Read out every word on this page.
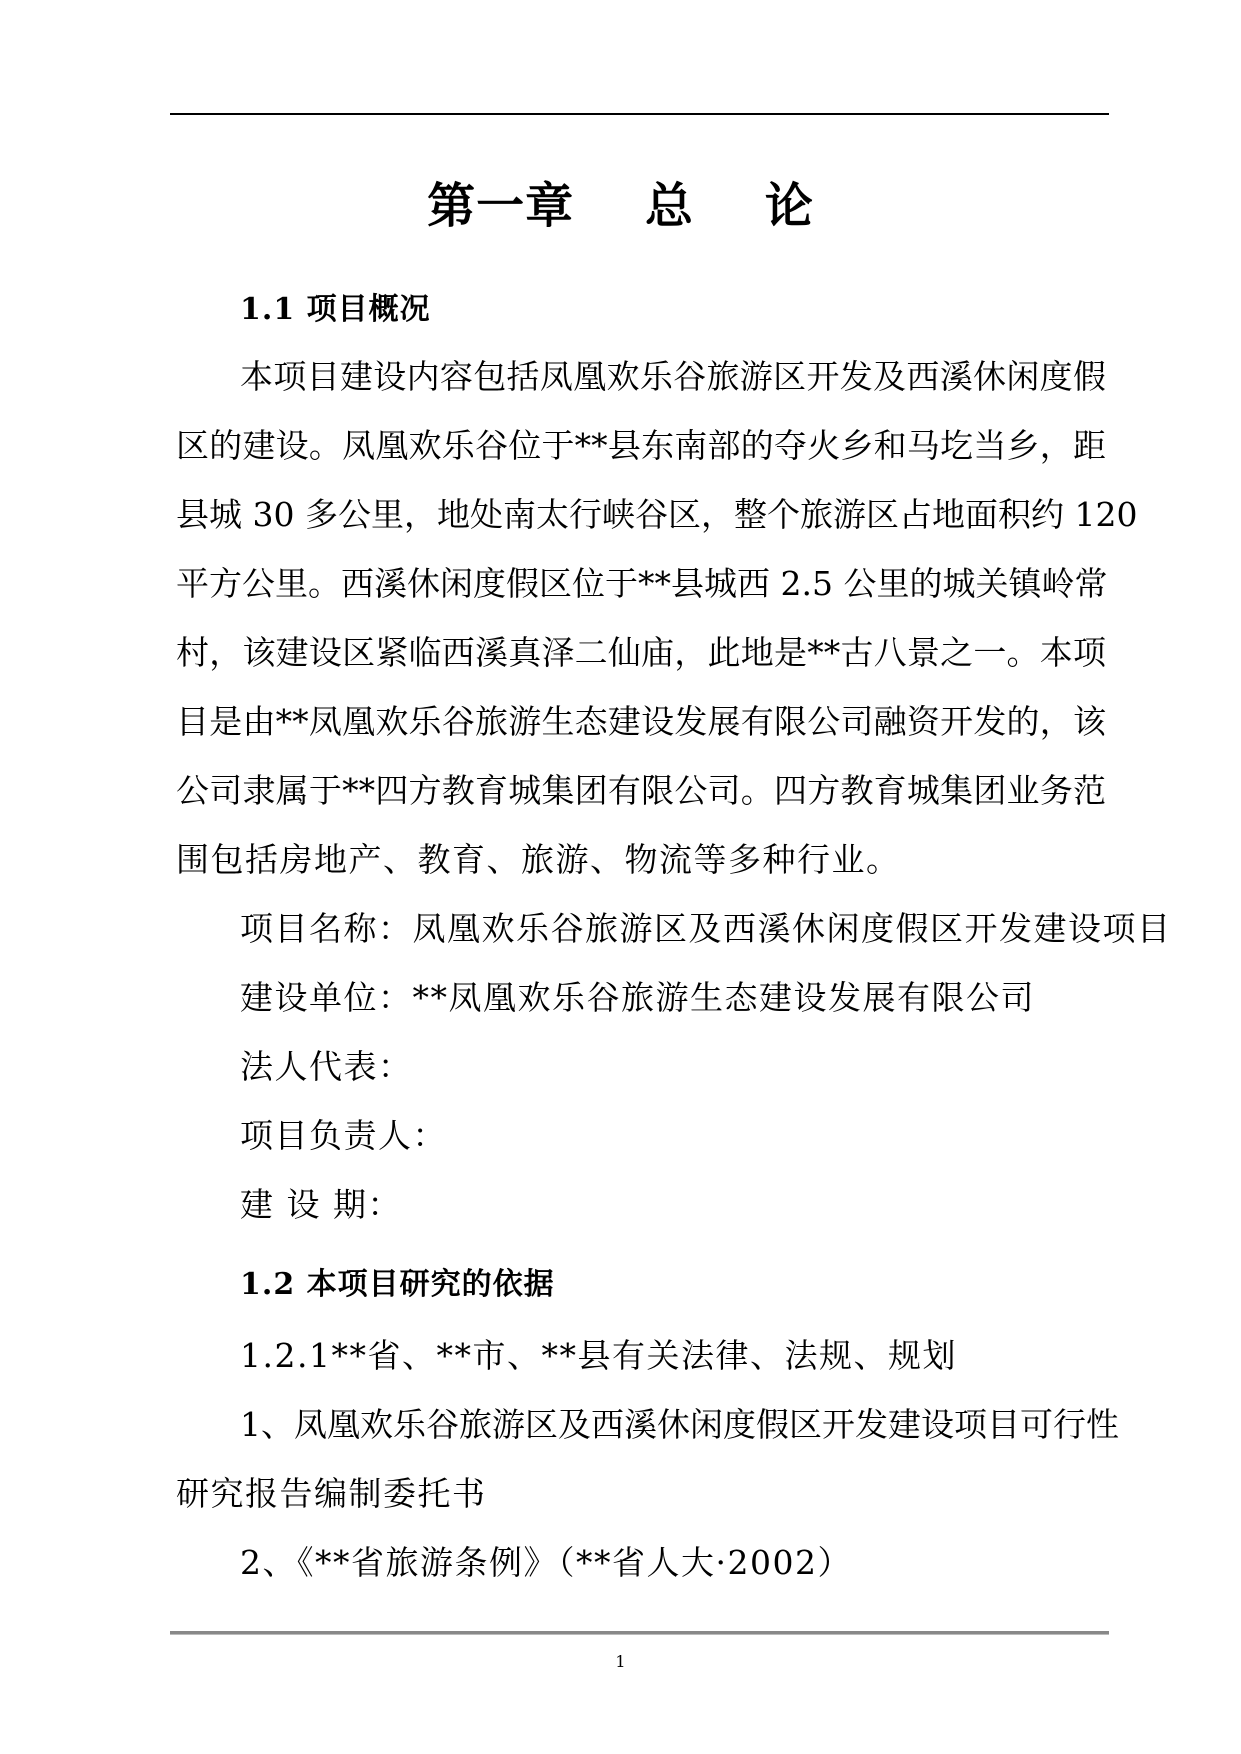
第一章    总    论
1.1 项目概况
本项目建设内容包括凤凰欢乐谷旅游区开发及西溪休闲度假
区的建设。凤凰欢乐谷位于**县东南部的夺火乡和马圪当乡，距
县城 30 多公里，地处南太行峡谷区，整个旅游区占地面积约 120
平方公里。西溪休闲度假区位于**县城西 2.5 公里的城关镇岭常
村，该建设区紧临西溪真泽二仙庙，此地是**古八景之一。本项
目是由**凤凰欢乐谷旅游生态建设发展有限公司融资开发的，该
公司隶属于**四方教育城集团有限公司。四方教育城集团业务范
围包括房地产、教育、旅游、物流等多种行业。
项目名称：凤凰欢乐谷旅游区及西溪休闲度假区开发建设项目
建设单位：**凤凰欢乐谷旅游生态建设发展有限公司
法人代表：
项目负责人：
建 设 期：
1.2 本项目研究的依据
1.2.1**省、**市、**县有关法律、法规、规划
1、凤凰欢乐谷旅游区及西溪休闲度假区开发建设项目可行性
研究报告编制委托书
2、《**省旅游条例》（**省人大·2002）
1
